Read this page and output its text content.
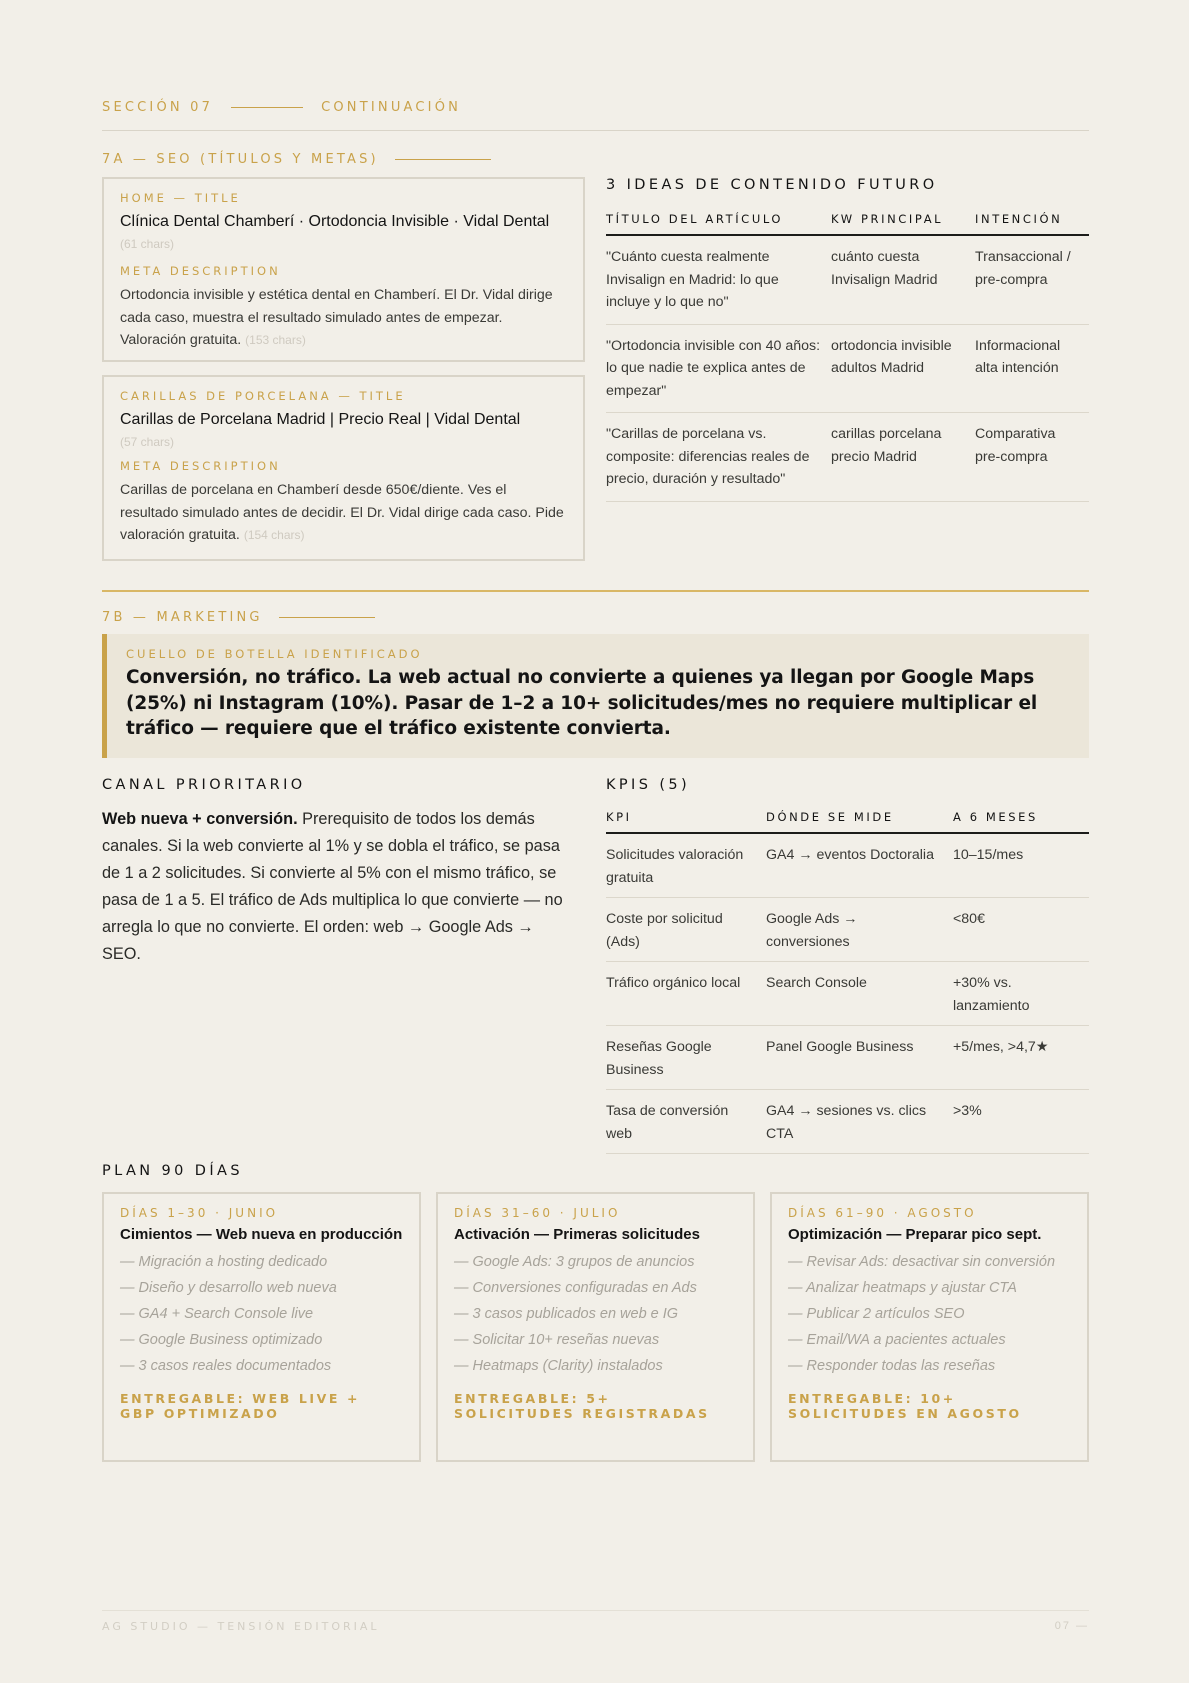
SECCIÓN 07	CONTINUACIÓN
7A — SEO (TÍTULOS Y METAS)
HOME — TITLE
Clínica Dental Chamberí · Ortodoncia Invisible · Vidal Dental (61 chars)
META DESCRIPTION
Ortodoncia invisible y estética dental en Chamberí. El Dr. Vidal dirige cada caso, muestra el resultado simulado antes de empezar. Valoración gratuita. (153 chars)
CARILLAS DE PORCELANA — TITLE
Carillas de Porcelana Madrid | Precio Real | Vidal Dental
(57 chars)
META DESCRIPTION
Carillas de porcelana en Chamberí desde 650€/diente. Ves el resultado simulado antes de decidir. El Dr. Vidal dirige cada caso. Pide valoración gratuita. (154 chars)
3 IDEAS DE CONTENIDO FUTURO
TÍTULO DEL ARTÍCULO	KW PRINCIPAL	INTENCIÓN
"Cuánto cuesta realmente Invisalign en Madrid: lo que incluye y lo que no"	cuánto cuesta Invisalign Madrid	Transaccional / pre-compra
"Ortodoncia invisible con 40 años: lo que nadie te explica antes de empezar"	ortodoncia invisible adultos Madrid	Informacional alta intención
"Carillas de porcelana vs. composite: diferencias reales de precio, duración y resultado"	carillas porcelana precio Madrid	Comparativa pre-compra
7B — MARKETING
CUELLO DE BOTELLA IDENTIFICADO
Conversión, no tráfico. La web actual no convierte a quienes ya llegan por Google Maps (25%) ni Instagram (10%). Pasar de 1–2 a 10+ solicitudes/mes no requiere multiplicar el tráfico — requiere que el tráfico existente convierta.
CANAL PRIORITARIO
Web nueva + conversión. Prerequisito de todos los demás canales. Si la web convierte al 1% y se dobla el tráfico, se pasa de 1 a 2 solicitudes. Si convierte al 5% con el mismo tráfico, se pasa de 1 a 5. El tráfico de Ads multiplica lo que convierte — no arregla lo que no convierte. El orden: web → Google Ads → SEO.
KPIS (5)
KPI	DÓNDE SE MIDE	A 6 MESES
Solicitudes valoración gratuita	GA4 → eventos Doctoralia	10–15/mes
Coste por solicitud (Ads)	Google Ads → conversiones	<80€
Tráfico orgánico local	Search Console	+30% vs. lanzamiento
Reseñas Google Business	Panel Google Business	+5/mes, >4,7★
Tasa de conversión web	GA4 → sesiones vs. clics CTA	>3%
PLAN 90 DÍAS
DÍAS 1–30 · JUNIO
Cimientos — Web nueva en producción
— Migración a hosting dedicado
— Diseño y desarrollo web nueva
— GA4 + Search Console live
— Google Business optimizado
— 3 casos reales documentados
ENTREGABLE: WEB LIVE + GBP OPTIMIZADO
DÍAS 31–60 · JULIO
Activación — Primeras solicitudes
— Google Ads: 3 grupos de anuncios
— Conversiones configuradas en Ads
— 3 casos publicados en web e IG
— Solicitar 10+ reseñas nuevas
— Heatmaps (Clarity) instalados
ENTREGABLE: 5+ SOLICITUDES REGISTRADAS
DÍAS 61–90 · AGOSTO
Optimización — Preparar pico sept.
— Revisar Ads: desactivar sin conversión
— Analizar heatmaps y ajustar CTA
— Publicar 2 artículos SEO
— Email/WA a pacientes actuales
— Responder todas las reseñas
ENTREGABLE: 10+ SOLICITUDES EN AGOSTO
AG STUDIO — TENSIÓN EDITORIAL	07 —
